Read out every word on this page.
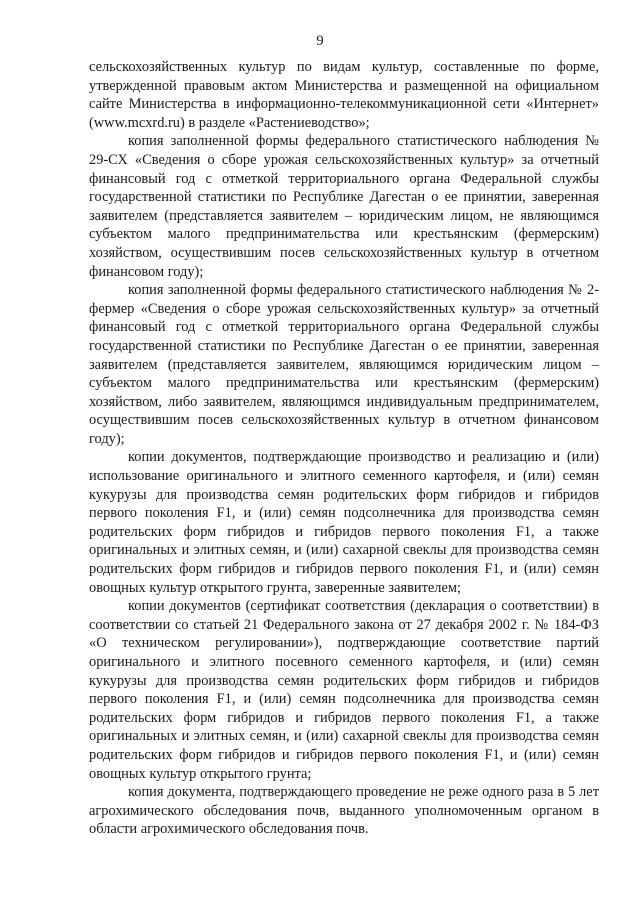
9

сельскохозяйственных культур по видам культур, составленные по форме, утвержденной правовым актом Министерства и размещенной на официальном сайте Министерства в информационно-телекоммуникационной сети «Интернет» (www.mcxrd.ru) в разделе «Растениеводство»;

копия заполненной формы федерального статистического наблюдения № 29-СХ «Сведения о сборе урожая сельскохозяйственных культур» за отчетный финансовый год с отметкой территориального органа Федеральной службы государственной статистики по Республике Дагестан о ее принятии, заверенная заявителем (представляется заявителем – юридическим лицом, не являющимся субъектом малого предпринимательства или крестьянским (фермерским) хозяйством, осуществившим посев сельскохозяйственных культур в отчетном финансовом году);

копия заполненной формы федерального статистического наблюдения № 2-фермер «Сведения о сборе урожая сельскохозяйственных культур» за отчетный финансовый год с отметкой территориального органа Федеральной службы государственной статистики по Республике Дагестан о ее принятии, заверенная заявителем (представляется заявителем, являющимся юридическим лицом – субъектом малого предпринимательства или крестьянским (фермерским) хозяйством, либо заявителем, являющимся индивидуальным предпринимателем, осуществившим посев сельскохозяйственных культур в отчетном финансовом году);

копии документов, подтверждающие производство и реализацию и (или) использование оригинального и элитного семенного картофеля, и (или) семян кукурузы для производства семян родительских форм гибридов и гибридов первого поколения F1, и (или) семян подсолнечника для производства семян родительских форм гибридов и гибридов первого поколения F1, а также оригинальных и элитных семян, и (или) сахарной свеклы для производства семян родительских форм гибридов и гибридов первого поколения F1, и (или) семян овощных культур открытого грунта, заверенные заявителем;

копии документов (сертификат соответствия (декларация о соответствии) в соответствии со статьей 21 Федерального закона от 27 декабря 2002 г. № 184-ФЗ «О техническом регулировании»), подтверждающие соответствие партий оригинального и элитного посевного семенного картофеля, и (или) семян кукурузы для производства семян родительских форм гибридов и гибридов первого поколения F1, и (или) семян подсолнечника для производства семян родительских форм гибридов и гибридов первого поколения F1, а также оригинальных и элитных семян, и (или) сахарной свеклы для производства семян родительских форм гибридов и гибридов первого поколения F1, и (или) семян овощных культур открытого грунта;

копия документа, подтверждающего проведение не реже одного раза в 5 лет агрохимического обследования почв, выданного уполномоченным органом в области агрохимического обследования почв.
